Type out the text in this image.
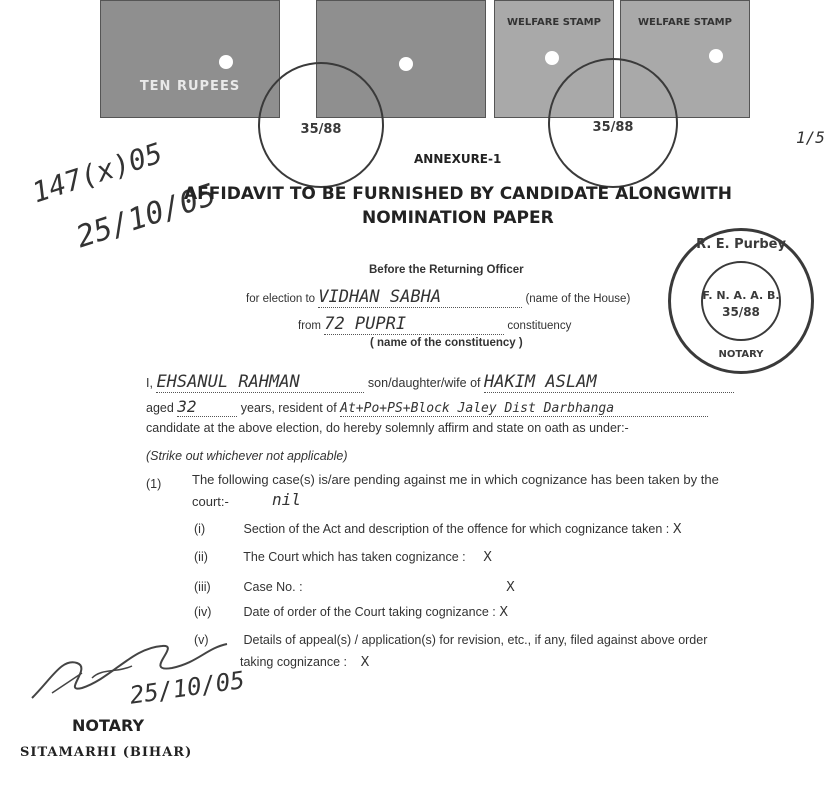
TEN RUPEES
WELFARE STAMP	WELFARE STAMP
35/88	35/88
147(x)05
25/10/05
1/5
ANNEXURE-1
AFFIDAVIT TO BE FURNISHED BY CANDIDATE ALONGWITH
NOMINATION PAPER
R. E. Purbey
F. N. A. A. B.
35/88
NOTARY
Before the Returning Officer
for election to VIDHAN SABHA	(name of the House)
from 72 PUPRI	constituency
( name of the constituency )
I, EHSANUL RAHMAN	son/daughter/wife of HAKIM ASLAM
aged 32	years, resident of At+Po+PS+Block Jaley Dist Darbhanga
candidate at the above election, do hereby solemnly affirm and state on oath as under:-
(Strike out whichever not applicable)
(1) The following case(s) is/are pending against me in which cognizance has been taken by the
court:-	nil
(i)	Section of the Act and description of the offence for which cognizance taken : X
(ii)	The Court which has taken cognizance : X
(iii)	Case No. :	X
(iv)	Date of order of the Court taking cognizance : X
(v)	Details of appeal(s) / application(s) for revision, etc., if any, filed against above order
taking cognizance : X
25/10/05
NOTARY
SITAMARHI (BIHAR)
